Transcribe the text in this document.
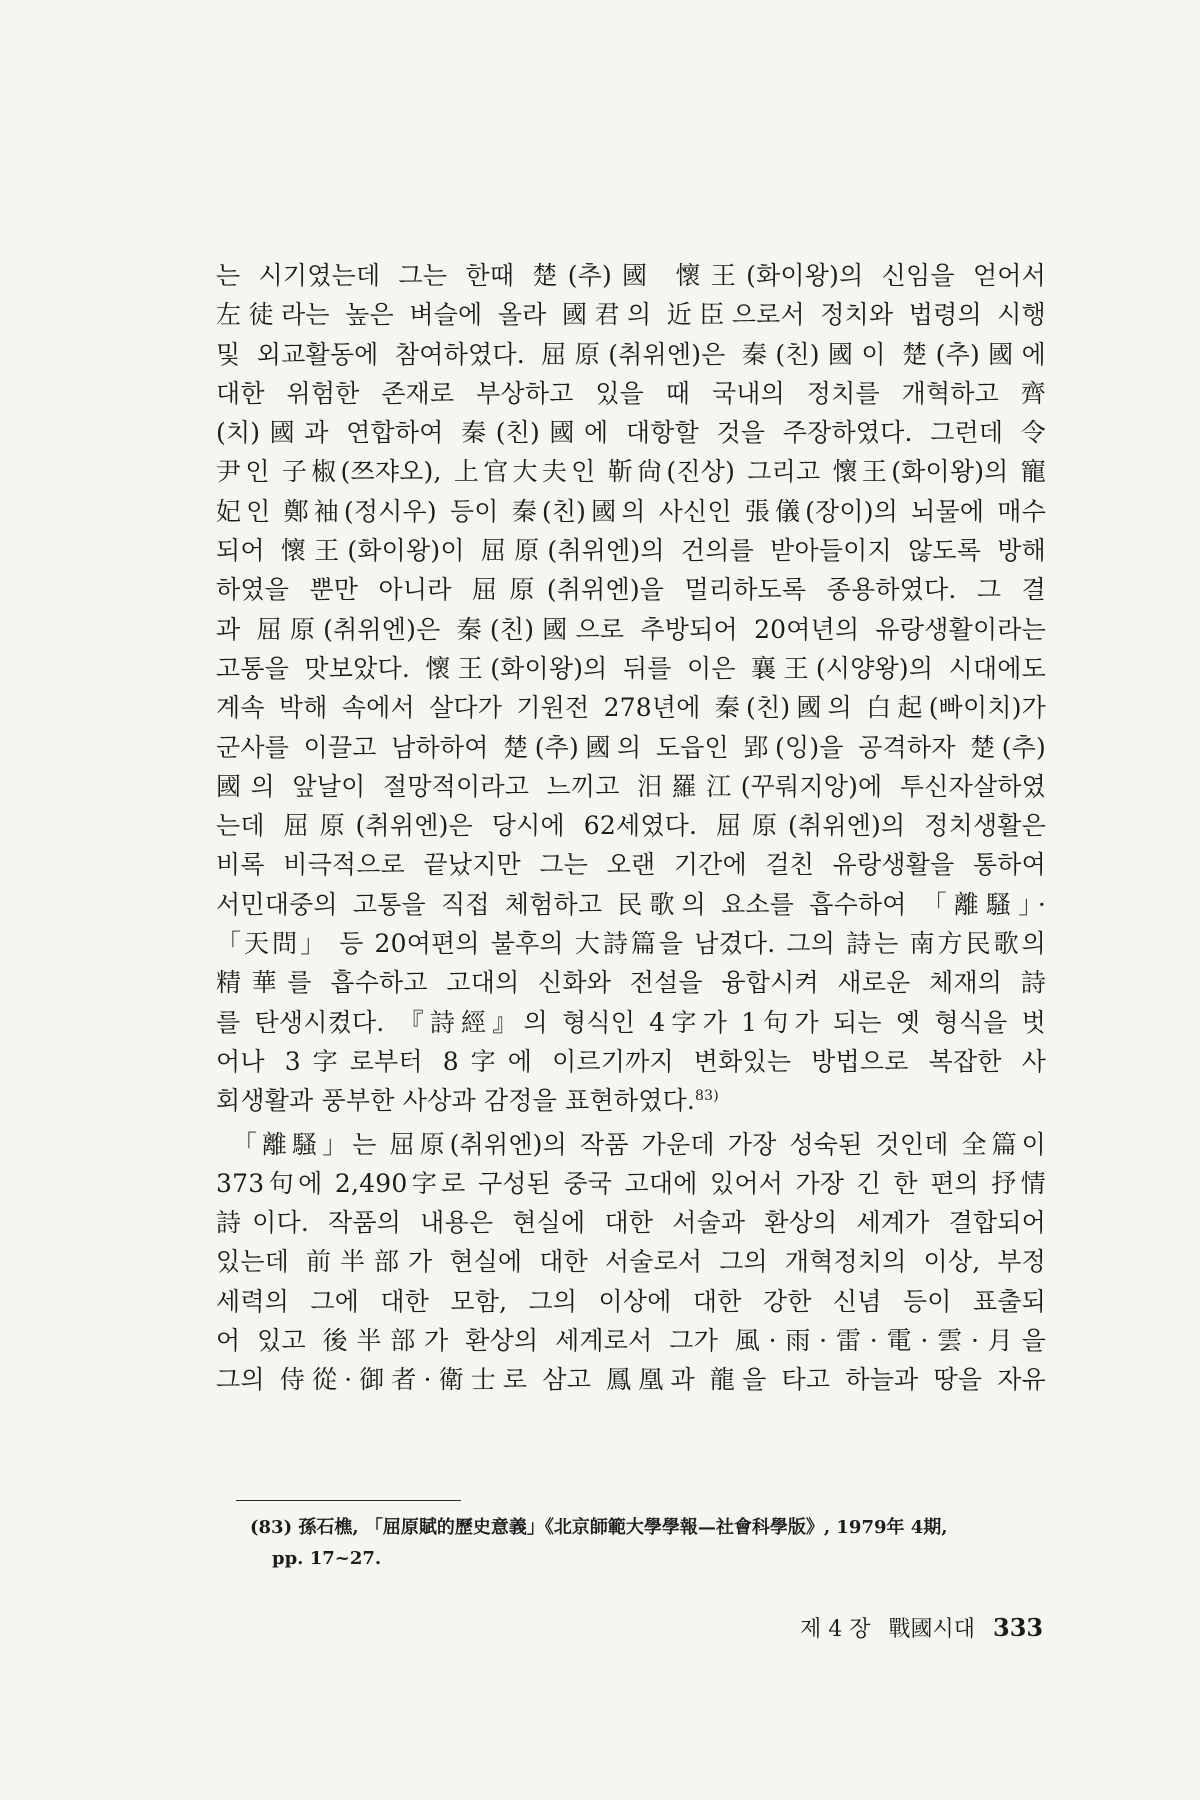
는 시기였는데 그는 한때 楚(추)國 懷王(화이왕)의 신임을 얻어서
左徒라는 높은 벼슬에 올라 國君의 近臣으로서 정치와 법령의 시행
및 외교활동에 참여하였다. 屈原(취위엔)은 秦(친)國이 楚(추)國에
대한 위험한 존재로 부상하고 있을 때 국내의 정치를 개혁하고 齊
(치)國과 연합하여 秦(친)國에 대항할 것을 주장하였다. 그런데 令
尹인 子椒(쯔쟈오), 上官大夫인 靳尙(진상) 그리고 懷王(화이왕)의 寵
妃인 鄭袖(정시우) 등이 秦(친)國의 사신인 張儀(장이)의 뇌물에 매수
되어 懷王(화이왕)이 屈原(취위엔)의 건의를 받아들이지 않도록 방해
하였을 뿐만 아니라 屈原(취위엔)을 멀리하도록 종용하였다. 그 결
과 屈原(취위엔)은 秦(친)國으로 추방되어 20여년의 유랑생활이라는
고통을 맛보았다. 懷王(화이왕)의 뒤를 이은 襄王(시양왕)의 시대에도
계속 박해 속에서 살다가 기원전 278년에 秦(친)國의 白起(빠이치)가
군사를 이끌고 남하하여 楚(추)國의 도읍인 郢(잉)을 공격하자 楚(추)
國의 앞날이 절망적이라고 느끼고 汨羅江(꾸뤄지앙)에 투신자살하였
는데 屈原(취위엔)은 당시에 62세였다. 屈原(취위엔)의 정치생활은
비록 비극적으로 끝났지만 그는 오랜 기간에 걸친 유랑생활을 통하여
서민대중의 고통을 직접 체험하고 民歌의 요소를 흡수하여 「離騷」·
「天問」 등 20여편의 불후의 大詩篇을 남겼다. 그의 詩는 南方民歌의
精華를 흡수하고 고대의 신화와 전설을 융합시켜 새로운 체재의 詩
를 탄생시켰다. 『詩經』의 형식인 4字가 1句가 되는 옛 형식을 벗
어나 3字로부터 8字에 이르기까지 변화있는 방법으로 복잡한 사
회생활과 풍부한 사상과 감정을 표현하였다.$^{83)}$
「離騷」는 屈原(취위엔)의 작품 가운데 가장 성숙된 것인데 全篇이
373句에 2,490字로 구성된 중국 고대에 있어서 가장 긴 한 편의 抒情
詩이다. 작품의 내용은 현실에 대한 서술과 환상의 세계가 결합되어
있는데 前半部가 현실에 대한 서술로서 그의 개혁정치의 이상, 부정
세력의 그에 대한 모함, 그의 이상에 대한 강한 신념 등이 표출되
어 있고 後半部가 환상의 세계로서 그가 風·雨·雷·電·雲·月을
그의 侍從·御者·衛士로 삼고 鳳凰과 龍을 타고 하늘과 땅을 자유
(83) 孫石樵, 「屈原賦的歷史意義」《北京師範大學學報—社會科學版》, 1979年 4期,
pp. 17~27.
제 4 장 戰國시대 333
